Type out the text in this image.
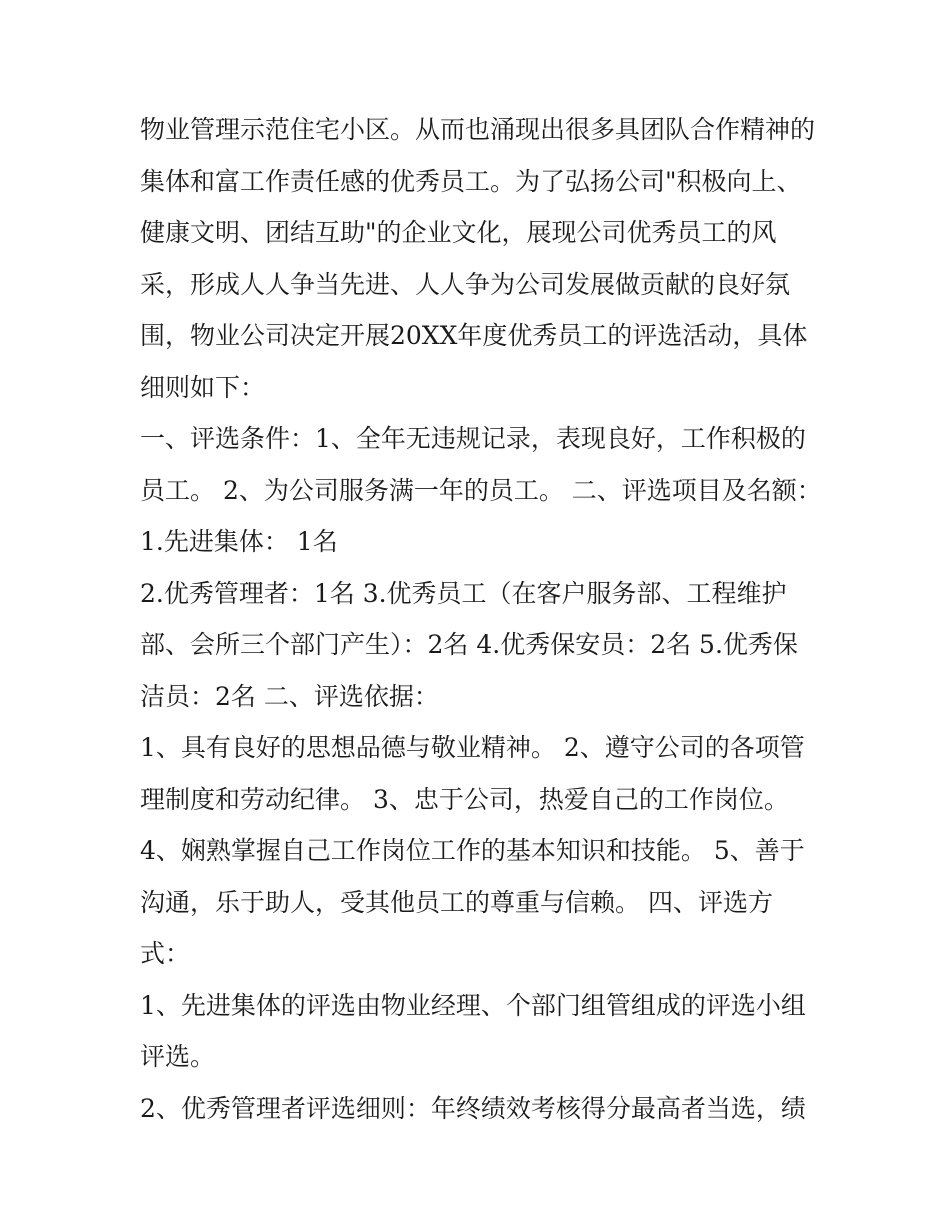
物业管理示范住宅小区。从而也涌现出很多具团队合作精神的
集体和富工作责任感的优秀员工。为了弘扬公司"积极向上、
健康文明、团结互助"的企业文化，展现公司优秀员工的风
采，形成人人争当先进、人人争为公司发展做贡献的良好氛
围，物业公司决定开展20XX年度优秀员工的评选活动，具体
细则如下：
一、评选条件：1、全年无违规记录，表现良好，工作积极的
员工。 2、为公司服务满一年的员工。 二、评选项目及名额：
1.先进集体： 1名
2.优秀管理者：1名 3.优秀员工（在客户服务部、工程维护
部、会所三个部门产生）：2名 4.优秀保安员：2名 5.优秀保
洁员：2名 二、评选依据：
1、具有良好的思想品德与敬业精神。 2、遵守公司的各项管
理制度和劳动纪律。 3、忠于公司，热爱自己的工作岗位。
4、娴熟掌握自己工作岗位工作的基本知识和技能。 5、善于
沟通，乐于助人，受其他员工的尊重与信赖。 四、评选方
式：
1、先进集体的评选由物业经理、个部门组管组成的评选小组
评选。
2、优秀管理者评选细则：年终绩效考核得分最高者当选，绩
